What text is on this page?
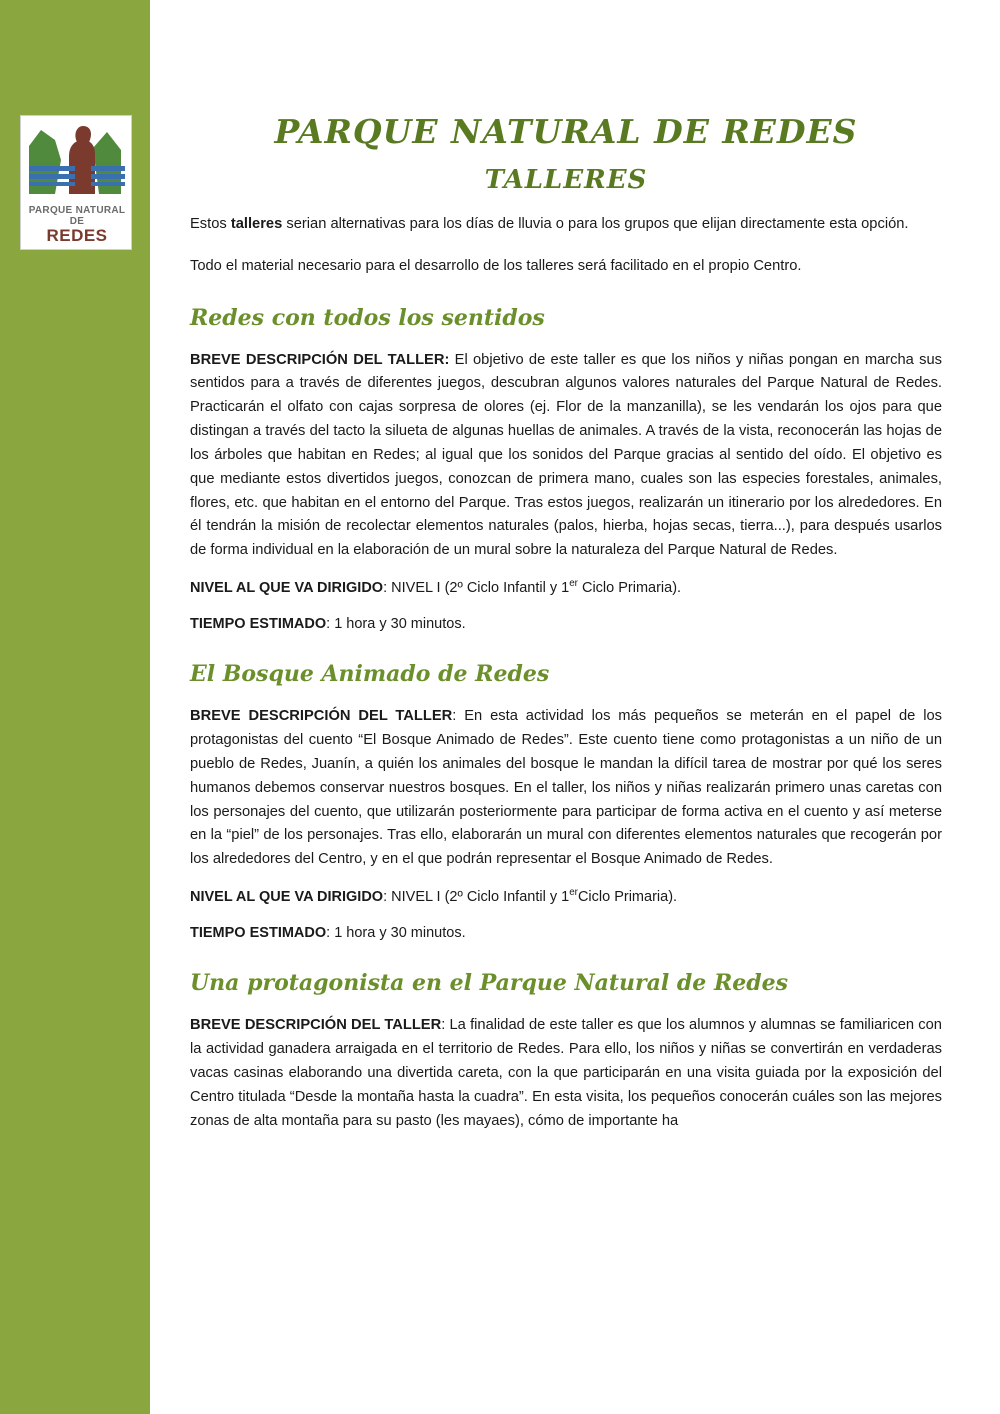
PARQUE NATURAL
DE
REDES
PARQUE NATURAL DE REDES
TALLERES

Estos talleres serian alternativas para los días de lluvia o para los grupos que elijan directamente esta opción.

Todo el material necesario para el desarrollo de los talleres será facilitado en el propio Centro.

Redes con todos los sentidos

BREVE DESCRIPCIÓN DEL TALLER: El objetivo de este taller es que los niños y niñas pongan en marcha sus sentidos para a través de diferentes juegos, descubran algunos valores naturales del Parque Natural de Redes. Practicarán el olfato con cajas sorpresa de olores (ej. Flor de la manzanilla), se les vendarán los ojos para que distingan a través del tacto la silueta de algunas huellas de animales. A través de la vista, reconocerán las hojas de los árboles que habitan en Redes; al igual que los sonidos del Parque gracias al sentido del oído. El objetivo es que mediante estos divertidos juegos, conozcan de primera mano, cuales son las especies forestales, animales, flores, etc. que habitan en el entorno del Parque. Tras estos juegos, realizarán un itinerario por los alrededores. En él tendrán la misión de recolectar elementos naturales (palos, hierba, hojas secas, tierra...), para después usarlos de forma individual en la elaboración de un mural sobre la naturaleza del Parque Natural de Redes.

NIVEL AL QUE VA DIRIGIDO: NIVEL I (2º Ciclo Infantil y 1er Ciclo Primaria).

TIEMPO ESTIMADO: 1 hora y 30 minutos.

El Bosque Animado de Redes

BREVE DESCRIPCIÓN DEL TALLER: En esta actividad los más pequeños se meterán en el papel de los protagonistas del cuento “El Bosque Animado de Redes”. Este cuento tiene como protagonistas a un niño de un pueblo de Redes, Juanín, a quién los animales del bosque le mandan la difícil tarea de mostrar por qué los seres humanos debemos conservar nuestros bosques. En el taller, los niños y niñas realizarán primero unas caretas con los personajes del cuento, que utilizarán posteriormente para participar de forma activa en el cuento y así meterse en la “piel” de los personajes. Tras ello, elaborarán un mural con diferentes elementos naturales que recogerán por los alrededores del Centro, y en el que podrán representar el Bosque Animado de Redes.

NIVEL AL QUE VA DIRIGIDO: NIVEL I (2º Ciclo Infantil y 1erCiclo Primaria).

TIEMPO ESTIMADO: 1 hora y 30 minutos.

Una protagonista en el Parque Natural de Redes

BREVE DESCRIPCIÓN DEL TALLER: La finalidad de este taller es que los alumnos y alumnas se familiaricen con la actividad ganadera arraigada en el territorio de Redes. Para ello, los niños y niñas se convertirán en verdaderas vacas casinas elaborando una divertida careta, con la que participarán en una visita guiada por la exposición del Centro titulada “Desde la montaña hasta la cuadra”. En esta visita, los pequeños conocerán cuáles son las mejores zonas de alta montaña para su pasto (les mayaes), cómo de importante ha
